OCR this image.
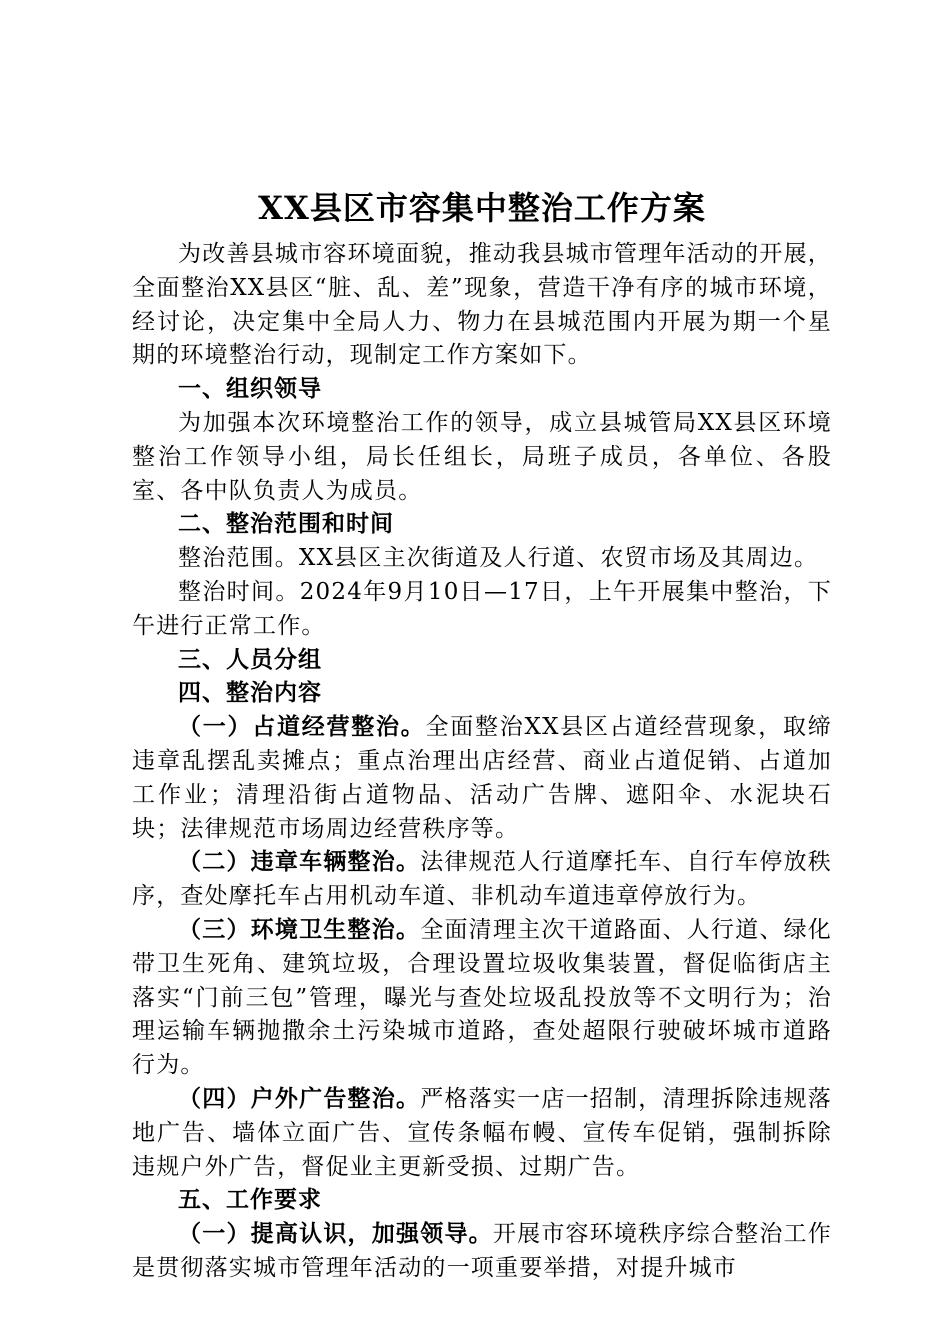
XX县区市容集中整治工作方案

为改善县城市容环境面貌，推动我县城市管理年活动的开展，全面整治XX县区“脏、乱、差”现象，营造干净有序的城市环境，经讨论，决定集中全局人力、物力在县城范围内开展为期一个星期的环境整治行动，现制定工作方案如下。

一、组织领导

为加强本次环境整治工作的领导，成立县城管局XX县区环境整治工作领导小组，局长任组长，局班子成员，各单位、各股室、各中队负责人为成员。

二、整治范围和时间

整治范围。XX县区主次街道及人行道、农贸市场及其周边。

整治时间。2024年9月10日—17日，上午开展集中整治，下午进行正常工作。

三、人员分组

四、整治内容

（一）占道经营整治。全面整治XX县区占道经营现象，取缔违章乱摆乱卖摊点；重点治理出店经营、商业占道促销、占道加工作业；清理沿街占道物品、活动广告牌、遮阳伞、水泥块石块；法律规范市场周边经营秩序等。

（二）违章车辆整治。法律规范人行道摩托车、自行车停放秩序，查处摩托车占用机动车道、非机动车道违章停放行为。

（三）环境卫生整治。全面清理主次干道路面、人行道、绿化带卫生死角、建筑垃圾，合理设置垃圾收集装置，督促临街店主落实“门前三包”管理，曝光与查处垃圾乱投放等不文明行为；治理运输车辆抛撒余土污染城市道路，查处超限行驶破坏城市道路行为。

（四）户外广告整治。严格落实一店一招制，清理拆除违规落地广告、墙体立面广告、宣传条幅布幔、宣传车促销，强制拆除违规户外广告，督促业主更新受损、过期广告。

五、工作要求

（一）提高认识，加强领导。开展市容环境秩序综合整治工作是贯彻落实城市管理年活动的一项重要举措，对提升城市
